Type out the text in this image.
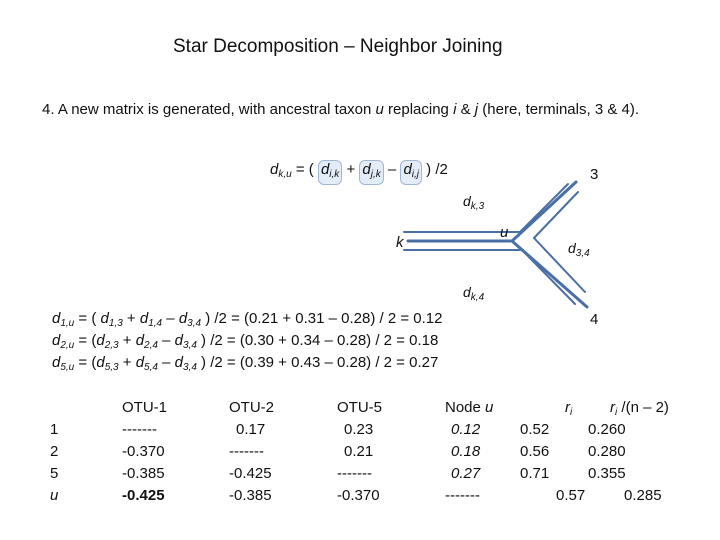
Star Decomposition – Neighbor Joining
4. A new matrix is generated, with ancestral taxon u replacing i & j (here, terminals, 3 & 4).
$d_{k,u}$ = ( $d_{i,k} + d_{j,k} - d_{i,j}$ ) /2	3
4
k
u
$d_{k,3}$
$d_{3,4}$
$d_{k,4}$
$d_{1,u}$ = ( $d_{1,3} + d_{1,4} - d_{3,4}$ ) /2 = (0.21 + 0.31 – 0.28) / 2 = 0.12
$d_{2,u} = (d_{2,3} + d_{2,4} - d_{3,4}$ ) /2 = (0.30 + 0.34 – 0.28) / 2 = 0.18
$d_{5,u} = (d_{5,3} + d_{5,4} - d_{3,4}$ ) /2 = (0.39 + 0.43 – 0.28) / 2 = 0.27
1
2
5
u
OTU-1
-------
-0.370
-0.385
-0.425
OTU-2
0.17
-------
-0.425
-0.385
OTU-5
0.23
0.21
-------
-0.370
Node u
0.12
0.18
0.27
-------
$r_i$
0.52
0.56
0.71
0.57
$r_i$ /(n – 2)
0.260
0.280
0.355
0.285
